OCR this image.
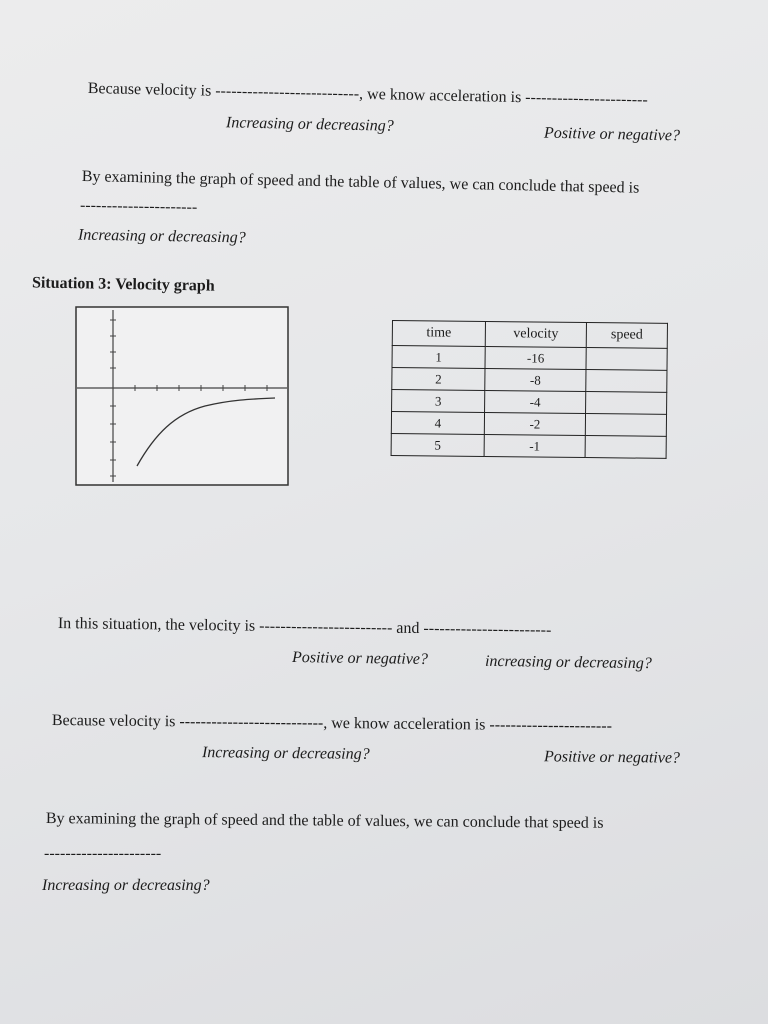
Because velocity is ---------------------------, we know acceleration is -----------------------
Increasing or decreasing?	Positive or negative?
By examining the graph of speed and the table of values, we can conclude that speed is
----------------------
Increasing or decreasing?
Situation 3: Velocity graph
time	velocity	speed
1	-16	
2	-8	
3	-4	
4	-2	
5	-1	
In this situation, the velocity is ------------------------- and ------------------------
Positive or negative?	increasing or decreasing?
Because velocity is ---------------------------, we know acceleration is -----------------------
Increasing or decreasing?	Positive or negative?
By examining the graph of speed and the table of values, we can conclude that speed is
----------------------
Increasing or decreasing?
